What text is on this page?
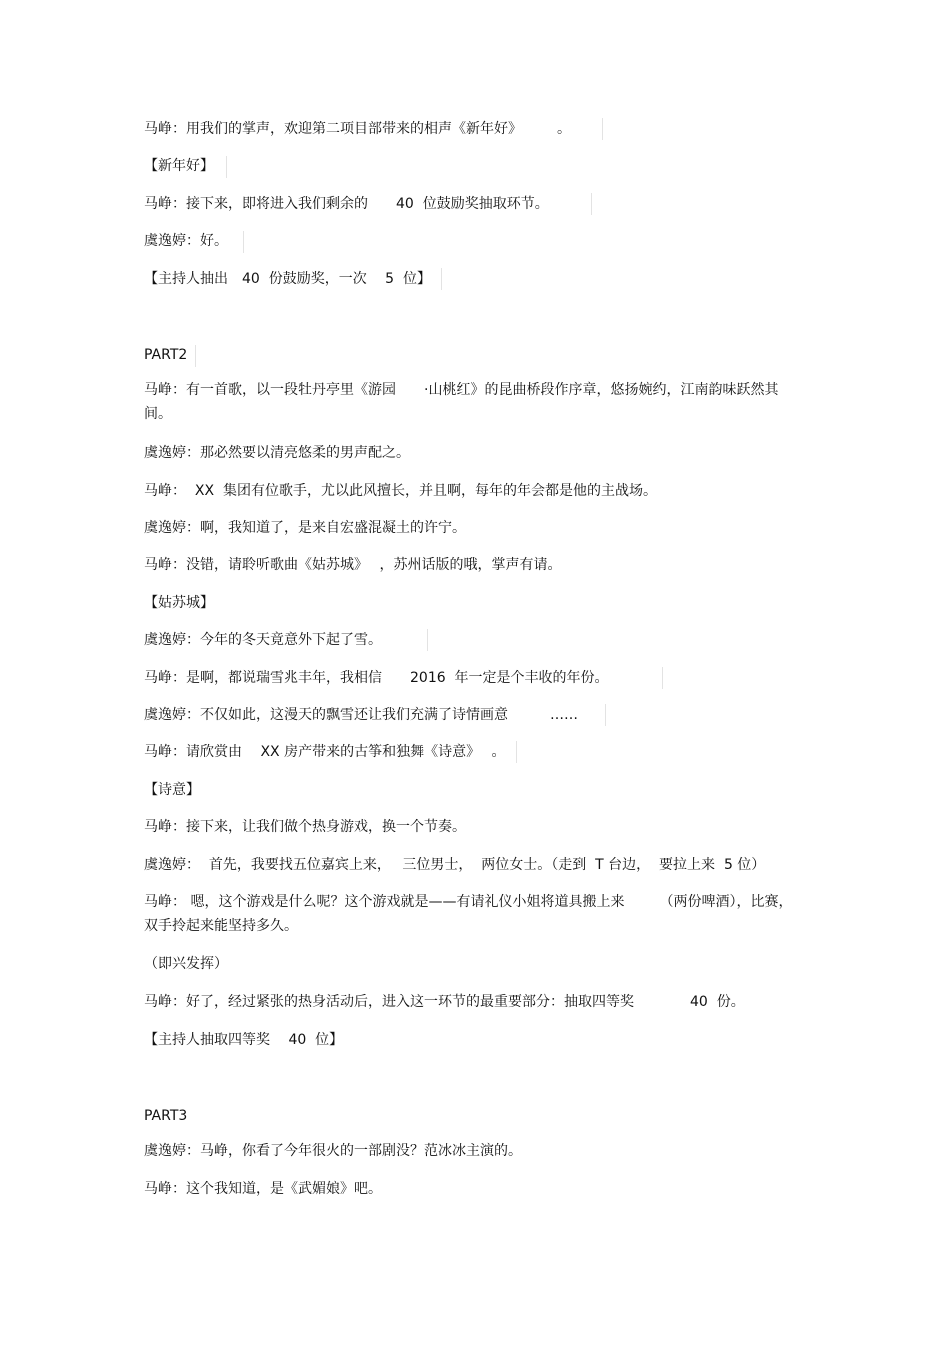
马峥：用我们的掌声，欢迎第二项目部带来的相声《新年好》　　　。
【新年好】
马峥：接下来，即将进入我们剩余的　　40  位鼓励奖抽取环节。
虞逸婷：好。
【主持人抽出　40  份鼓励奖，一次　 5  位】
PART2
马峥：有一首歌，以一段牡丹亭里《游园　　·山桃红》的昆曲桥段作序章，悠扬婉约，江南韵味跃然其间。
虞逸婷：那必然要以清亮悠柔的男声配之。
马峥：  XX  集团有位歌手，尤以此风擅长，并且啊，每年的年会都是他的主战场。
虞逸婷：啊，我知道了，是来自宏盛混凝土的许宁。
马峥：没错，请聆听歌曲《姑苏城》　 ，苏州话版的哦，掌声有请。
【姑苏城】
虞逸婷：今年的冬天竟意外下起了雪。
马峥：是啊，都说瑞雪兆丰年，我相信　　2016  年一定是个丰收的年份。
虞逸婷：不仅如此，这漫天的飘雪还让我们充满了诗情画意　　　……
马峥：请欣赏由　 XX 房产带来的古筝和独舞《诗意》　 。
【诗意】
马峥：接下来，让我们做个热身游戏，换一个节奏。
虞逸婷：  首先，我要找五位嘉宾上来，　 三位男士，  两位女士。（走到  T 台边，  要拉上来  5 位）
马峥： 嗯，这个游戏是什么呢？这个游戏就是——有请礼仪小姐将道具搬上来　　　（两份啤酒），比赛，双手拎起来能坚持多久。
（即兴发挥）
马峥：好了，经过紧张的热身活动后，进入这一环节的最重要部分：抽取四等奖　　　　40  份。
【主持人抽取四等奖　 40  位】
PART3
虞逸婷：马峥，你看了今年很火的一部剧没？范冰冰主演的。
马峥：这个我知道，是《武媚娘》吧。
